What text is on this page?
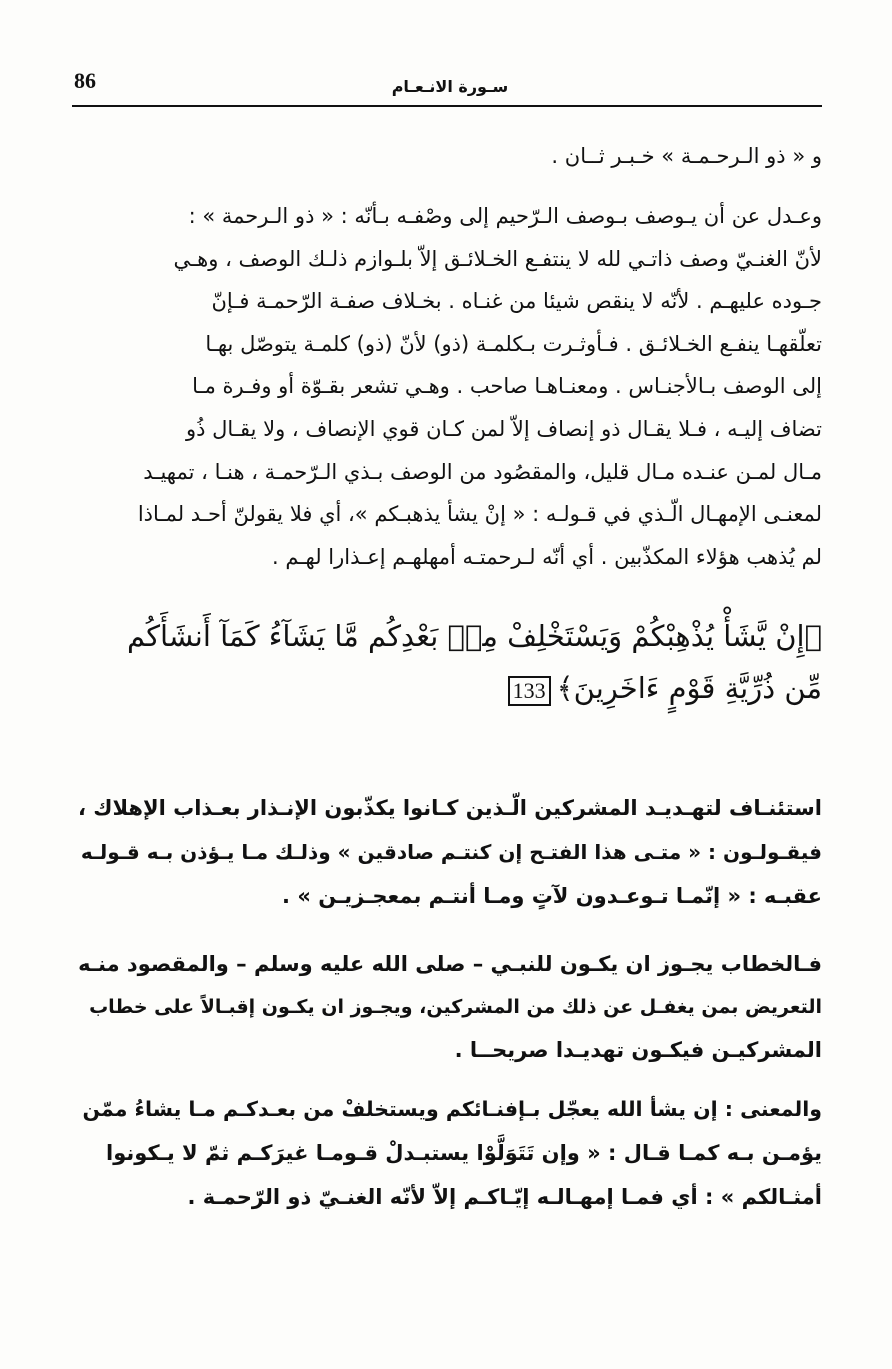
86	سـورة الانـعـام
و « ذو الـرحـمـة » خـبـر ثــان .
وعـدل عن أن يـوصف بـوصف الـرّحيم إلى وصْفـه بـأنّه : « ذو الـرحمة » :
لأنّ الغنـيّ وصف ذاتـي لله لا ينتفـع الخـلائـق إلاّ بلـوازم ذلـك الوصف ، وهـي
جـوده عليهـم . لأنّه لا ينقص شيئا من غنـاه . بخـلاف صفـة الرّحمـة فـإنّ
تعلّقهـا ينفـع الخـلائـق . فـأوثـرت بـكلمـة (ذو) لأنّ (ذو) كلمـة يتوصّل بهـا
إلى الوصف بـالأجنـاس . ومعنـاهـا صاحب . وهـي تشعر بقـوّة أو وفـرة مـا
تضاف إليـه ، فـلا يقـال ذو إنصاف إلاّ لمن كـان قوي الإنصاف ، ولا يقـال ذُو
مـال لمـن عنـده مـال قليل، والمقصُود من الوصف بـذي الـرّحمـة ، هنـا ، تمهيـد
لمعنـى الإمهـال الّـذي في قـولـه : « إنْ يشأ يذهبـكم »، أي فلا يقولنّ أحـد لمـاذا
لم يُذهب هؤلاء المكذّبين . أي أنّه لـرحمتـه أمهلهـم إعـذارا لهـم .
﴿إِنْ يَّشَأْ يُذْهِبْكُمْ وَيَسْتَخْلِفْ مِنۢ بَعْدِكُم مَّا يَشَآءُ كَمَآ أَنشَأَكُم
مِّن ذُرِّيَّةِ قَوْمٍ ءَاخَرِينَ﴾133
استئنـاف لتهـديـد المشركين الّـذين كـانوا يكذّبون الإنـذار بعـذاب الإهلاك ،
فيقـولـون : « متـى هذا الفتـح إن كنتـم صادقين » وذلـك مـا يـؤذن بـه قـولـه
عقبـه : « إنّمـا تـوعـدون لآتٍ ومـا أنتـم بمعجـزيـن » .
فـالخطاب يجـوز ان يكـون للنبـي – صلى الله عليه وسلم – والمقصود منـه
التعريض بمن يغفـل عن ذلك من المشركين، ويجـوز ان يكـون إقبـالاً على خطاب
المشركيـن فيكـون تهديـدا صريحــا .
والمعنى : إن يشأ الله يعجّل بـإفنـائكم ويستخلفْ من بعـدكـم مـا يشاءُ ممّن
يؤمـن بـه كمـا قـال : « وإن تَتَوَلَّوْا يستبـدلْ قـومـا غيرَكـم ثمّ لا يـكونوا
أمثـالكم » : أي فمـا إمهـالـه إيّـاكـم إلاّ لأنّه الغنـيّ ذو الرّحمـة .
